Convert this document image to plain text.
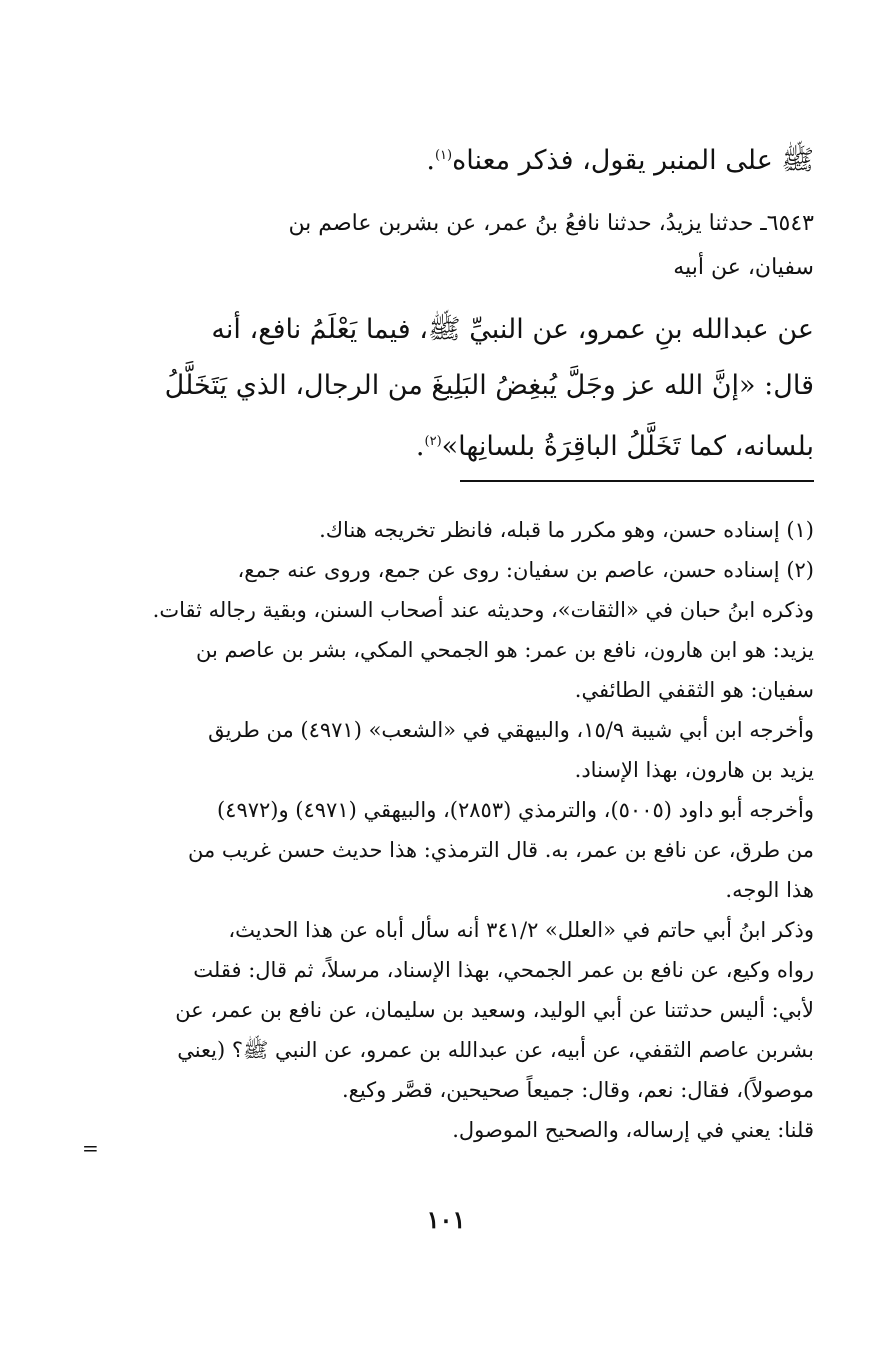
ﷺ على المنبر يقول، فذكر معناه$^{(١)}$.
٦٥٤٣ـ حدثنا يزيدُ، حدثنا نافعُ بنُ عمر، عن بشربن عاصم بن
سفيان، عن أبيه
عن عبدالله بنِ عمرو، عن النبيِّ ﷺ، فيما يَعْلَمُ نافع، أنه
قال: «إنَّ الله عز وجَلَّ يُبغِضُ البَلِيغَ من الرجال، الذي يَتَخَلَّلُ
بلسانه، كما تَخَلَّلُ الباقِرَةُ بلسانِها»$^{(٢)}$.
(١) إسناده حسن، وهو مكرر ما قبله، فانظر تخريجه هناك.
(٢) إسناده حسن، عاصم بن سفيان: روى عن جمع، وروى عنه جمع،
وذكره ابنُ حبان في «الثقات»، وحديثه عند أصحاب السنن، وبقية رجاله ثقات.
يزيد: هو ابن هارون، نافع بن عمر: هو الجمحي المكي، بشر بن عاصم بن
سفيان: هو الثقفي الطائفي.
وأخرجه ابن أبي شيبة ١٥/٩، والبيهقي في «الشعب» (٤٩٧١) من طريق
يزيد بن هارون، بهذا الإسناد.
وأخرجه أبو داود (٥٠٠٥)، والترمذي (٢٨٥٣)، والبيهقي (٤٩٧١) و(٤٩٧٢)
من طرق، عن نافع بن عمر، به. قال الترمذي: هذا حديث حسن غريب من
هذا الوجه.
وذكر ابنُ أبي حاتم في «العلل» ٣٤١/٢ أنه سأل أباه عن هذا الحديث،
رواه وكيع، عن نافع بن عمر الجمحي، بهذا الإسناد، مرسلاً، ثم قال: فقلت
لأبي: أليس حدثتنا عن أبي الوليد، وسعيد بن سليمان، عن نافع بن عمر، عن
بشربن عاصم الثقفي، عن أبيه، عن عبدالله بن عمرو، عن النبي ﷺ؟ (يعني
موصولاً)، فقال: نعم، وقال: جميعاً صحيحين، قصَّر وكيع.
قلنا: يعني في إرساله، والصحيح الموصول.
=
١٠١
